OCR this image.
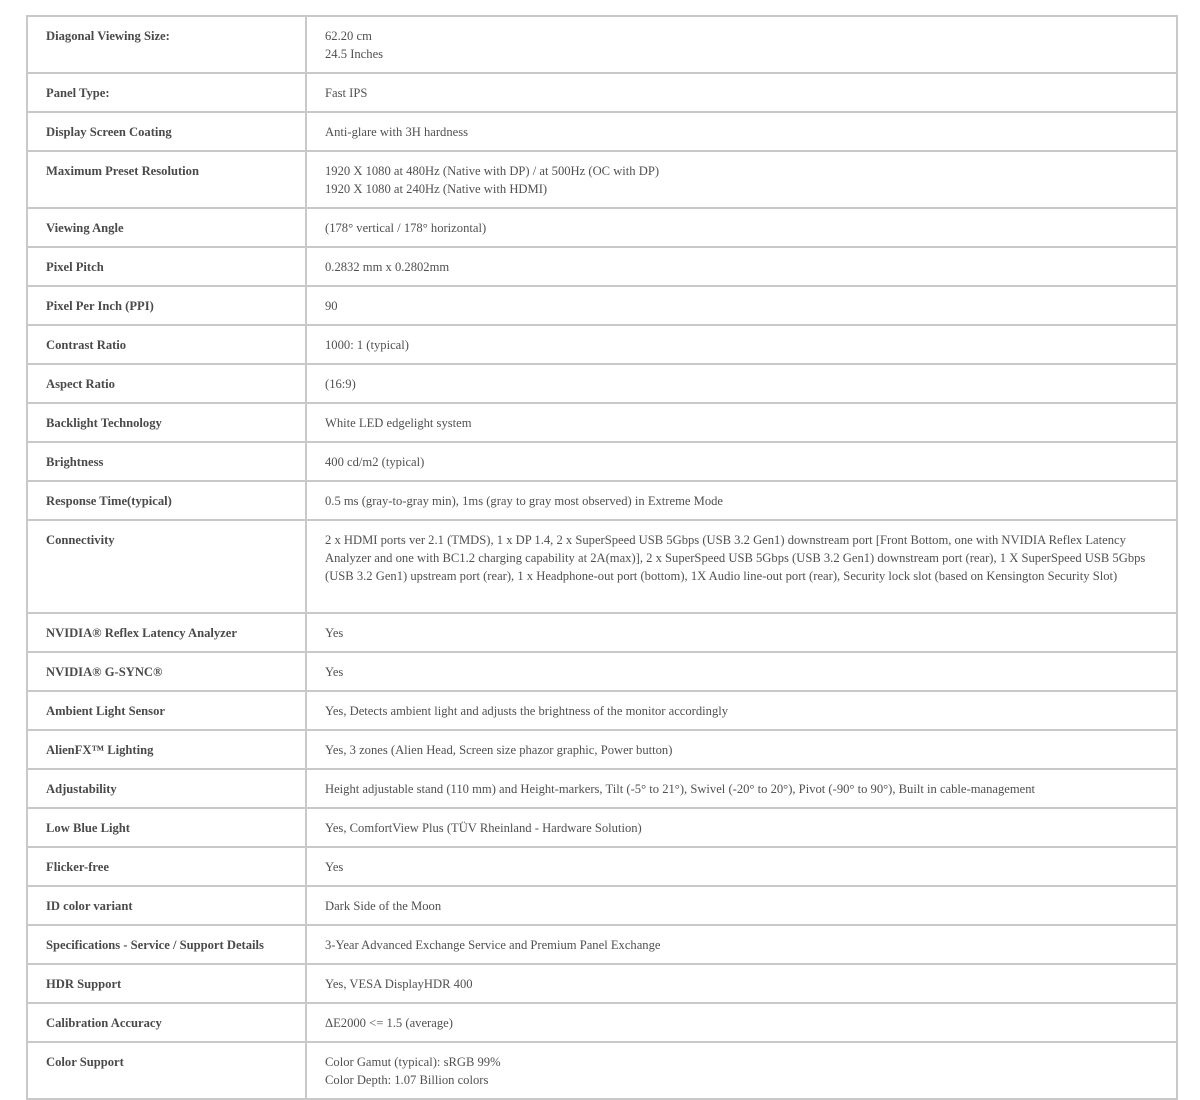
Diagonal Viewing Size:	62.20 cm
24.5 Inches

Panel Type:	Fast IPS

Display Screen Coating	Anti-glare with 3H hardness

Maximum Preset Resolution	1920 X 1080 at 480Hz (Native with DP) / at 500Hz (OC with DP)
1920 X 1080 at 240Hz (Native with HDMI)

Viewing Angle	(178° vertical / 178° horizontal)

Pixel Pitch	0.2832 mm x 0.2802mm

Pixel Per Inch (PPI)	90

Contrast Ratio	1000: 1 (typical)

Aspect Ratio	(16:9)

Backlight Technology	White LED edgelight system

Brightness	400 cd/m2 (typical)

Response Time(typical)	0.5 ms (gray-to-gray min), 1ms (gray to gray most observed) in Extreme Mode

Connectivity	2 x HDMI ports ver 2.1 (TMDS), 1 x DP 1.4, 2 x SuperSpeed USB 5Gbps (USB 3.2 Gen1) downstream port [Front Bottom, one with NVIDIA Reflex Latency Analyzer and one with BC1.2 charging capability at 2A(max)], 2 x SuperSpeed USB 5Gbps (USB 3.2 Gen1) downstream port (rear), 1 X SuperSpeed USB 5Gbps (USB 3.2 Gen1) upstream port (rear), 1 x Headphone-out port (bottom), 1X Audio line-out port (rear), Security lock slot (based on Kensington Security Slot)

NVIDIA® Reflex Latency Analyzer	Yes

NVIDIA® G-SYNC®	Yes

Ambient Light Sensor	Yes, Detects ambient light and adjusts the brightness of the monitor accordingly

AlienFX™ Lighting	Yes, 3 zones (Alien Head, Screen size phazor graphic, Power button)

Adjustability	Height adjustable stand (110 mm) and Height-markers, Tilt (-5° to 21°), Swivel (-20° to 20°), Pivot (-90° to 90°), Built in cable-management

Low Blue Light	Yes, ComfortView Plus (TÜV Rheinland - Hardware Solution)

Flicker-free	Yes

ID color variant	Dark Side of the Moon

Specifications - Service / Support Details	3-Year Advanced Exchange Service and Premium Panel Exchange

HDR Support	Yes, VESA DisplayHDR 400

Calibration Accuracy	ΔE2000 <= 1.5 (average)

Color Support	Color Gamut (typical): sRGB 99%
Color Depth: 1.07 Billion colors
